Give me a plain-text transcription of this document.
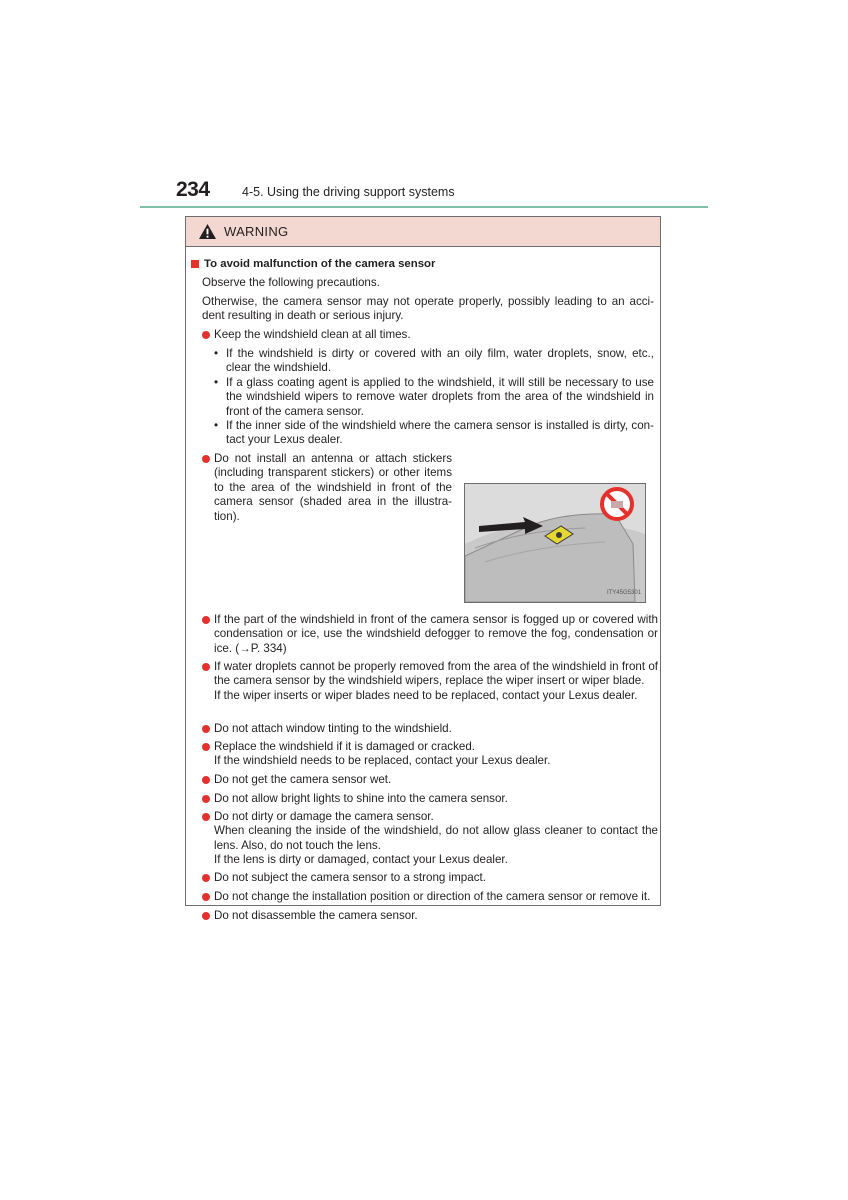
234	4-5. Using the driving support systems
WARNING
To avoid malfunction of the camera sensor
Observe the following precautions.
Otherwise, the camera sensor may not operate properly, possibly leading to an acci-dent resulting in death or serious injury.
Keep the windshield clean at all times.
• If the windshield is dirty or covered with an oily film, water droplets, snow, etc., clear the windshield.
• If a glass coating agent is applied to the windshield, it will still be necessary to use the windshield wipers to remove water droplets from the area of the windshield in front of the camera sensor.
• If the inner side of the windshield where the camera sensor is installed is dirty, con-tact your Lexus dealer.
Do not install an antenna or attach stickers (including transparent stickers) or other items to the area of the windshield in front of the camera sensor (shaded area in the illustra-tion).
ITY45G5301
If the part of the windshield in front of the camera sensor is fogged up or covered with condensation or ice, use the windshield defogger to remove the fog, condensation or ice. (→P. 334)
If water droplets cannot be properly removed from the area of the windshield in front of the camera sensor by the windshield wipers, replace the wiper insert or wiper blade.
If the wiper inserts or wiper blades need to be replaced, contact your Lexus dealer.
Do not attach window tinting to the windshield.
Replace the windshield if it is damaged or cracked.
If the windshield needs to be replaced, contact your Lexus dealer.
Do not get the camera sensor wet.
Do not allow bright lights to shine into the camera sensor.
Do not dirty or damage the camera sensor.
When cleaning the inside of the windshield, do not allow glass cleaner to contact the lens. Also, do not touch the lens.
If the lens is dirty or damaged, contact your Lexus dealer.
Do not subject the camera sensor to a strong impact.
Do not change the installation position or direction of the camera sensor or remove it.
Do not disassemble the camera sensor.
